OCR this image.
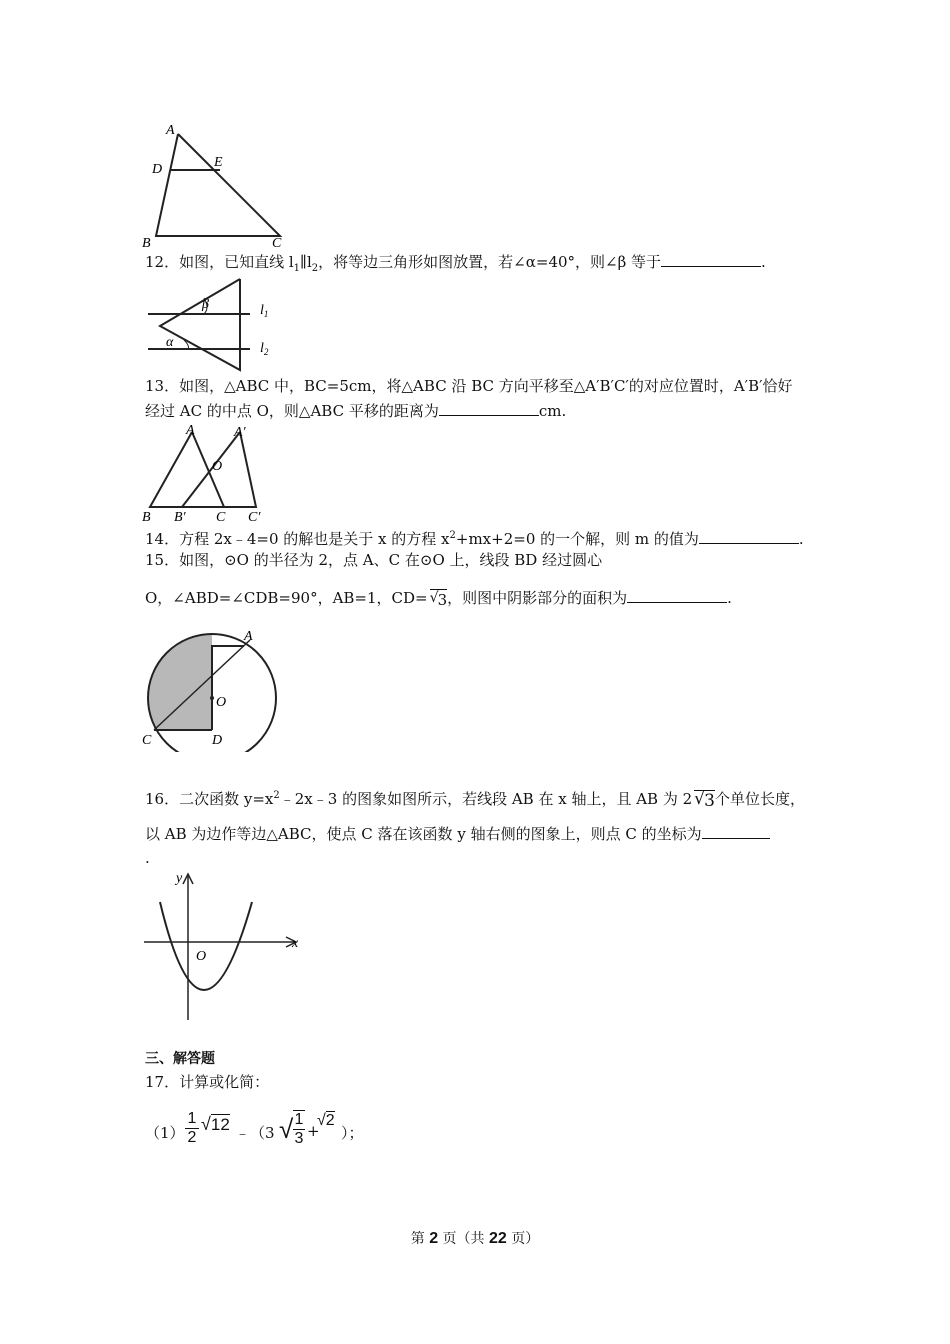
A
D	E
B	C
12．如图，已知直线 $l_1\parallel l_2$，将等边三角形如图放置，若∠α=40°，则∠β 等于	.
β
α
$l_1$
$l_2$
13．如图，△ABC 中，BC=5cm，将△ABC 沿 BC 方向平移至△A′B′C′的对应位置时，A′B′恰好
经过 AC 的中点 O，则△ABC 平移的距离为	cm.
A	A′
O
B B′ C C′
14．方程 2x﹣4=0 的解也是关于 x 的方程 $x^2+mx+2=0$ 的一个解，则 m 的值为	.
15．如图，⊙O 的半径为 2，点 A、C 在⊙O 上，线段 BD 经过圆心
O，∠ABD=∠CDB=90°，AB=1，CD= √ 3，则图中阴影部分的面积为	.
A
O
C	D
16．二次函数 $y=x^2﹣2x﹣3$ 的图象如图所示，若线段 AB 在 x 轴上，且 AB 为 2 √ 3个单位长度，
以 AB 为边作等边△ABC，使点 C 落在该函数 y 轴右侧的图象上，则点 C 的坐标为
.
y
x
O
三、解答题
17．计算或化简：
$(1) \frac{1}{2} √12$ ﹣（3 √ $\frac{1}{3}$ +
√2
）；
第 2 页（共 22 页）
